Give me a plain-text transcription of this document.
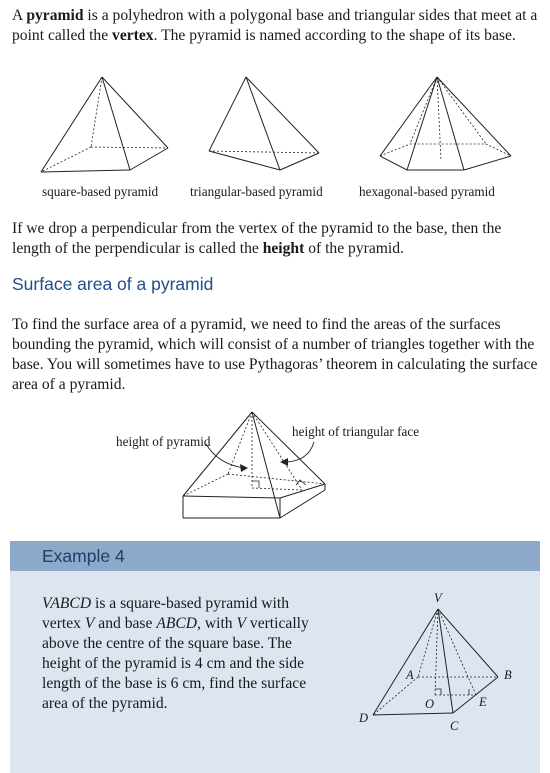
A pyramid is a polyhedron with a polygonal base and triangular sides that meet at a point called the vertex. The pyramid is named according to the shape of its base.

square-based pyramid triangular-based pyramid	hexagonal-based pyramid

If we drop a perpendicular from the vertex of the pyramid to the base, then the length of the perpendicular is called the height of the pyramid.

Surface area of a pyramid

To find the surface area of a pyramid, we need to find the areas of the surfaces bounding the pyramid, which will consist of a number of triangles together with the base. You will sometimes have to use Pythagoras’ theorem in calculating the surface area of a pyramid.

height of pyramid
height of triangular face
Example 4

VABCD is a square-based pyramid with vertex V and base ABCD, with V vertically above the centre of the square base. The height of the pyramid is 4 cm and the side length of the base is 6 cm, find the surface area of the pyramid.

V
A	B
O	E
D
C
